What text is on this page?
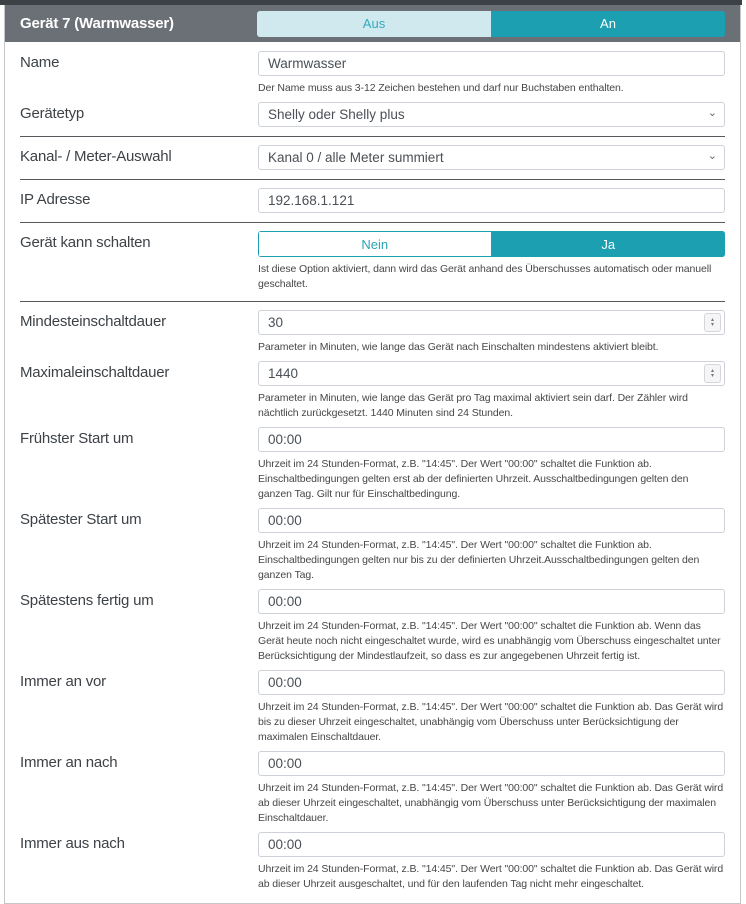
Gerät 7 (Warmwasser)	Aus	An
Name
Warmwasser
Der Name muss aus 3-12 Zeichen bestehen und darf nur Buchstaben enthalten.
Gerätetyp
Shelly oder Shelly plus	⌄
Kanal- / Meter-Auswahl
Kanal 0 / alle Meter summiert	⌄
IP Adresse
192.168.1.121
Gerät kann schalten	Nein	Ja
Ist diese Option aktiviert, dann wird das Gerät anhand des Überschusses automatisch oder manuell geschaltet.
Mindesteinschaltdauer
30	▴
▾
Parameter in Minuten, wie lange das Gerät nach Einschalten mindestens aktiviert bleibt.
Maximaleinschaltdauer
1440	▴
▾
Parameter in Minuten, wie lange das Gerät pro Tag maximal aktiviert sein darf. Der Zähler wird nächtlich zurückgesetzt. 1440 Minuten sind 24 Stunden.
Frühster Start um
00:00
Uhrzeit im 24 Stunden-Format, z.B. "14:45". Der Wert "00:00" schaltet die Funktion ab. Einschaltbedingungen gelten erst ab der definierten Uhrzeit. Ausschaltbedingungen gelten den ganzen Tag. Gilt nur für Einschaltbedingung.
Spätester Start um
00:00
Uhrzeit im 24 Stunden-Format, z.B. "14:45". Der Wert "00:00" schaltet die Funktion ab. Einschaltbedingungen gelten nur bis zu der definierten Uhrzeit.Ausschaltbedingungen gelten den ganzen Tag.
Spätestens fertig um
00:00
Uhrzeit im 24 Stunden-Format, z.B. "14:45". Der Wert "00:00" schaltet die Funktion ab. Wenn das Gerät heute noch nicht eingeschaltet wurde, wird es unabhängig vom Überschuss eingeschaltet unter Berücksichtigung der Mindestlaufzeit, so dass es zur angegebenen Uhrzeit fertig ist.
Immer an vor
00:00
Uhrzeit im 24 Stunden-Format, z.B. "14:45". Der Wert "00:00" schaltet die Funktion ab. Das Gerät wird bis zu dieser Uhrzeit eingeschaltet, unabhängig vom Überschuss unter Berücksichtigung der maximalen Einschaltdauer.
Immer an nach
00:00
Uhrzeit im 24 Stunden-Format, z.B. "14:45". Der Wert "00:00" schaltet die Funktion ab. Das Gerät wird ab dieser Uhrzeit eingeschaltet, unabhängig vom Überschuss unter Berücksichtigung der maximalen Einschaltdauer.
Immer aus nach
00:00
Uhrzeit im 24 Stunden-Format, z.B. "14:45". Der Wert "00:00" schaltet die Funktion ab. Das Gerät wird ab dieser Uhrzeit ausgeschaltet, und für den laufenden Tag nicht mehr eingeschaltet.
